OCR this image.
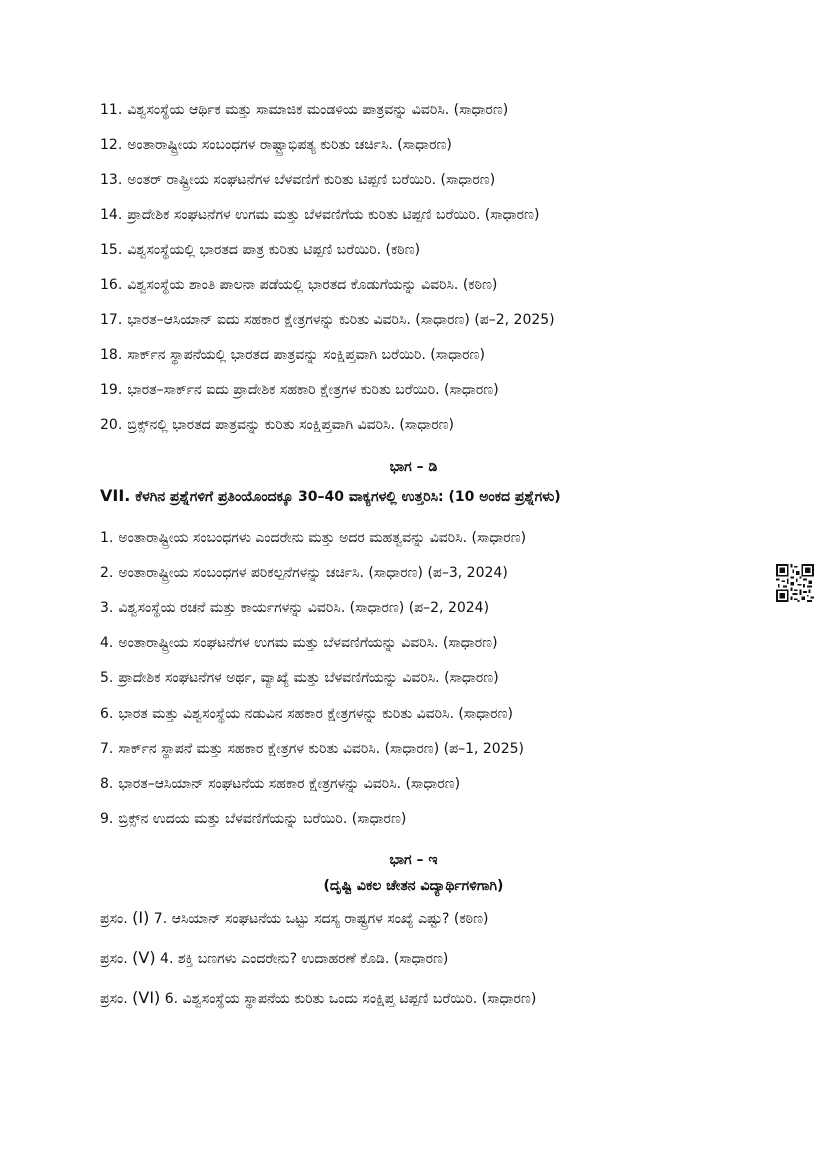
11. ವಿಶ್ವಸಂಸ್ಥೆಯ ಆರ್ಥಿಕ ಮತ್ತು ಸಾಮಾಜಿಕ ಮಂಡಳಿಯ ಪಾತ್ರವನ್ನು ವಿವರಿಸಿ. (ಸಾಧಾರಣ)
12. ಅಂತಾರಾಷ್ಟ್ರೀಯ ಸಂಬಂಧಗಳ ರಾಷ್ಟ್ರಾಭಿಪತ್ಯ ಕುರಿತು ಚರ್ಚಿಸಿ. (ಸಾಧಾರಣ)
13. ಅಂತರ್ ರಾಷ್ಟ್ರೀಯ ಸಂಘಟನೆಗಳ ಬೆಳವಣಿಗೆ ಕುರಿತು ಟಿಪ್ಪಣಿ ಬರೆಯಿರಿ. (ಸಾಧಾರಣ)
14. ಪ್ರಾದೇಶಿಕ ಸಂಘಟನೆಗಳ ಉಗಮ ಮತ್ತು ಬೆಳವಣಿಗೆಯ ಕುರಿತು ಟಿಪ್ಪಣಿ ಬರೆಯಿರಿ. (ಸಾಧಾರಣ)
15. ವಿಶ್ವಸಂಸ್ಥೆಯಲ್ಲಿ ಭಾರತದ ಪಾತ್ರ ಕುರಿತು ಟಿಪ್ಪಣಿ ಬರೆಯಿರಿ. (ಕಠಿಣ)
16. ವಿಶ್ವಸಂಸ್ಥೆಯ ಶಾಂತಿ ಪಾಲನಾ ಪಡೆಯಲ್ಲಿ ಭಾರತದ ಕೊಡುಗೆಯನ್ನು ವಿವರಿಸಿ. (ಕಠಿಣ)
17. ಭಾರತ–ಆಸಿಯಾನ್ ಐದು ಸಹಕಾರ ಕ್ಷೇತ್ರಗಳನ್ನು ಕುರಿತು ವಿವರಿಸಿ. (ಸಾಧಾರಣ) (ಪ–2, 2025)
18. ಸಾರ್ಕ್‌ನ ಸ್ಥಾಪನೆಯಲ್ಲಿ ಭಾರತದ ಪಾತ್ರವನ್ನು ಸಂಕ್ಷಿಪ್ತವಾಗಿ ಬರೆಯಿರಿ. (ಸಾಧಾರಣ)
19. ಭಾರತ–ಸಾರ್ಕ್‌ನ ಐದು ಪ್ರಾದೇಶಿಕ ಸಹಕಾರಿ ಕ್ಷೇತ್ರಗಳ ಕುರಿತು ಬರೆಯಿರಿ. (ಸಾಧಾರಣ)
20. ಬ್ರಿಕ್ಸ್‌ನಲ್ಲಿ ಭಾರತದ ಪಾತ್ರವನ್ನು ಕುರಿತು ಸಂಕ್ಷಿಪ್ತವಾಗಿ ವಿವರಿಸಿ. (ಸಾಧಾರಣ)
ಭಾಗ – ಡಿ
VII. ಕೆಳಗಿನ ಪ್ರಶ್ನೆಗಳಿಗೆ ಪ್ರತಿಂಯೊಂದಕ್ಕೂ 30–40 ವಾಕ್ಯಗಳಲ್ಲಿ ಉತ್ತರಿಸಿ: (10 ಅಂಕದ ಪ್ರಶ್ನೆಗಳು)
1. ಅಂತಾರಾಷ್ಟ್ರೀಯ ಸಂಬಂಧಗಳು ಎಂದರೇನು ಮತ್ತು ಅದರ ಮಹತ್ವವನ್ನು ವಿವರಿಸಿ. (ಸಾಧಾರಣ)
2. ಅಂತಾರಾಷ್ಟ್ರೀಯ ಸಂಬಂಧಗಳ ಪರಿಕಲ್ಪನೆಗಳನ್ನು ಚರ್ಚಿಸಿ. (ಸಾಧಾರಣ) (ಪ–3, 2024)
3. ವಿಶ್ವಸಂಸ್ಥೆಯ ರಚನೆ ಮತ್ತು ಕಾರ್ಯಗಳನ್ನು ವಿವರಿಸಿ. (ಸಾಧಾರಣ) (ಪ–2, 2024)
4. ಅಂತಾರಾಷ್ಟ್ರೀಯ ಸಂಘಟನೆಗಳ ಉಗಮ ಮತ್ತು ಬೆಳವಣಿಗೆಯನ್ನು ವಿವರಿಸಿ. (ಸಾಧಾರಣ)
5. ಪ್ರಾದೇಶಿಕ ಸಂಘಟನೆಗಳ ಅರ್ಥ, ವ್ಯಾಖ್ಯೆ ಮತ್ತು ಬೆಳವಣಿಗೆಯನ್ನು ವಿವರಿಸಿ. (ಸಾಧಾರಣ)
6. ಭಾರತ ಮತ್ತು ವಿಶ್ವಸಂಸ್ಥೆಯ ನಡುವಿನ ಸಹಕಾರ ಕ್ಷೇತ್ರಗಳನ್ನು ಕುರಿತು ವಿವರಿಸಿ. (ಸಾಧಾರಣ)
7. ಸಾರ್ಕ್‌ನ ಸ್ಥಾಪನೆ ಮತ್ತು ಸಹಕಾರ ಕ್ಷೇತ್ರಗಳ ಕುರಿತು ವಿವರಿಸಿ. (ಸಾಧಾರಣ) (ಪ–1, 2025)
8. ಭಾರತ–ಆಸಿಯಾನ್ ಸಂಘಟನೆಯ ಸಹಕಾರ ಕ್ಷೇತ್ರಗಳನ್ನು ವಿವರಿಸಿ. (ಸಾಧಾರಣ)
9. ಬ್ರಿಕ್ಸ್‌ನ ಉದಯ ಮತ್ತು ಬೆಳವಣಿಗೆಯನ್ನು ಬರೆಯಿರಿ. (ಸಾಧಾರಣ)
ಭಾಗ – ಇ
(ದೃಷ್ಟಿ ವಿಕಲ ಚೇತನ ವಿದ್ಯಾರ್ಥಿಗಳಿಗಾಗಿ)
ಪ್ರಸಂ. (I) 7. ಆಸಿಯಾನ್ ಸಂಘಟನೆಯ ಒಟ್ಟು ಸದಸ್ಯ ರಾಷ್ಟ್ರಗಳ ಸಂಖ್ಯೆ ಎಷ್ಟು? (ಕಠಿಣ)
ಪ್ರಸಂ. (V) 4. ಶಕ್ತಿ ಬಣಗಳು ಎಂದರೇನು? ಉದಾಹರಣೆ ಕೊಡಿ. (ಸಾಧಾರಣ)
ಪ್ರಸಂ. (VI) 6. ವಿಶ್ವಸಂಸ್ಥೆಯ ಸ್ಥಾಪನೆಯ ಕುರಿತು ಒಂದು ಸಂಕ್ಷಿಪ್ತ ಟಿಪ್ಪಣಿ ಬರೆಯಿರಿ. (ಸಾಧಾರಣ)
